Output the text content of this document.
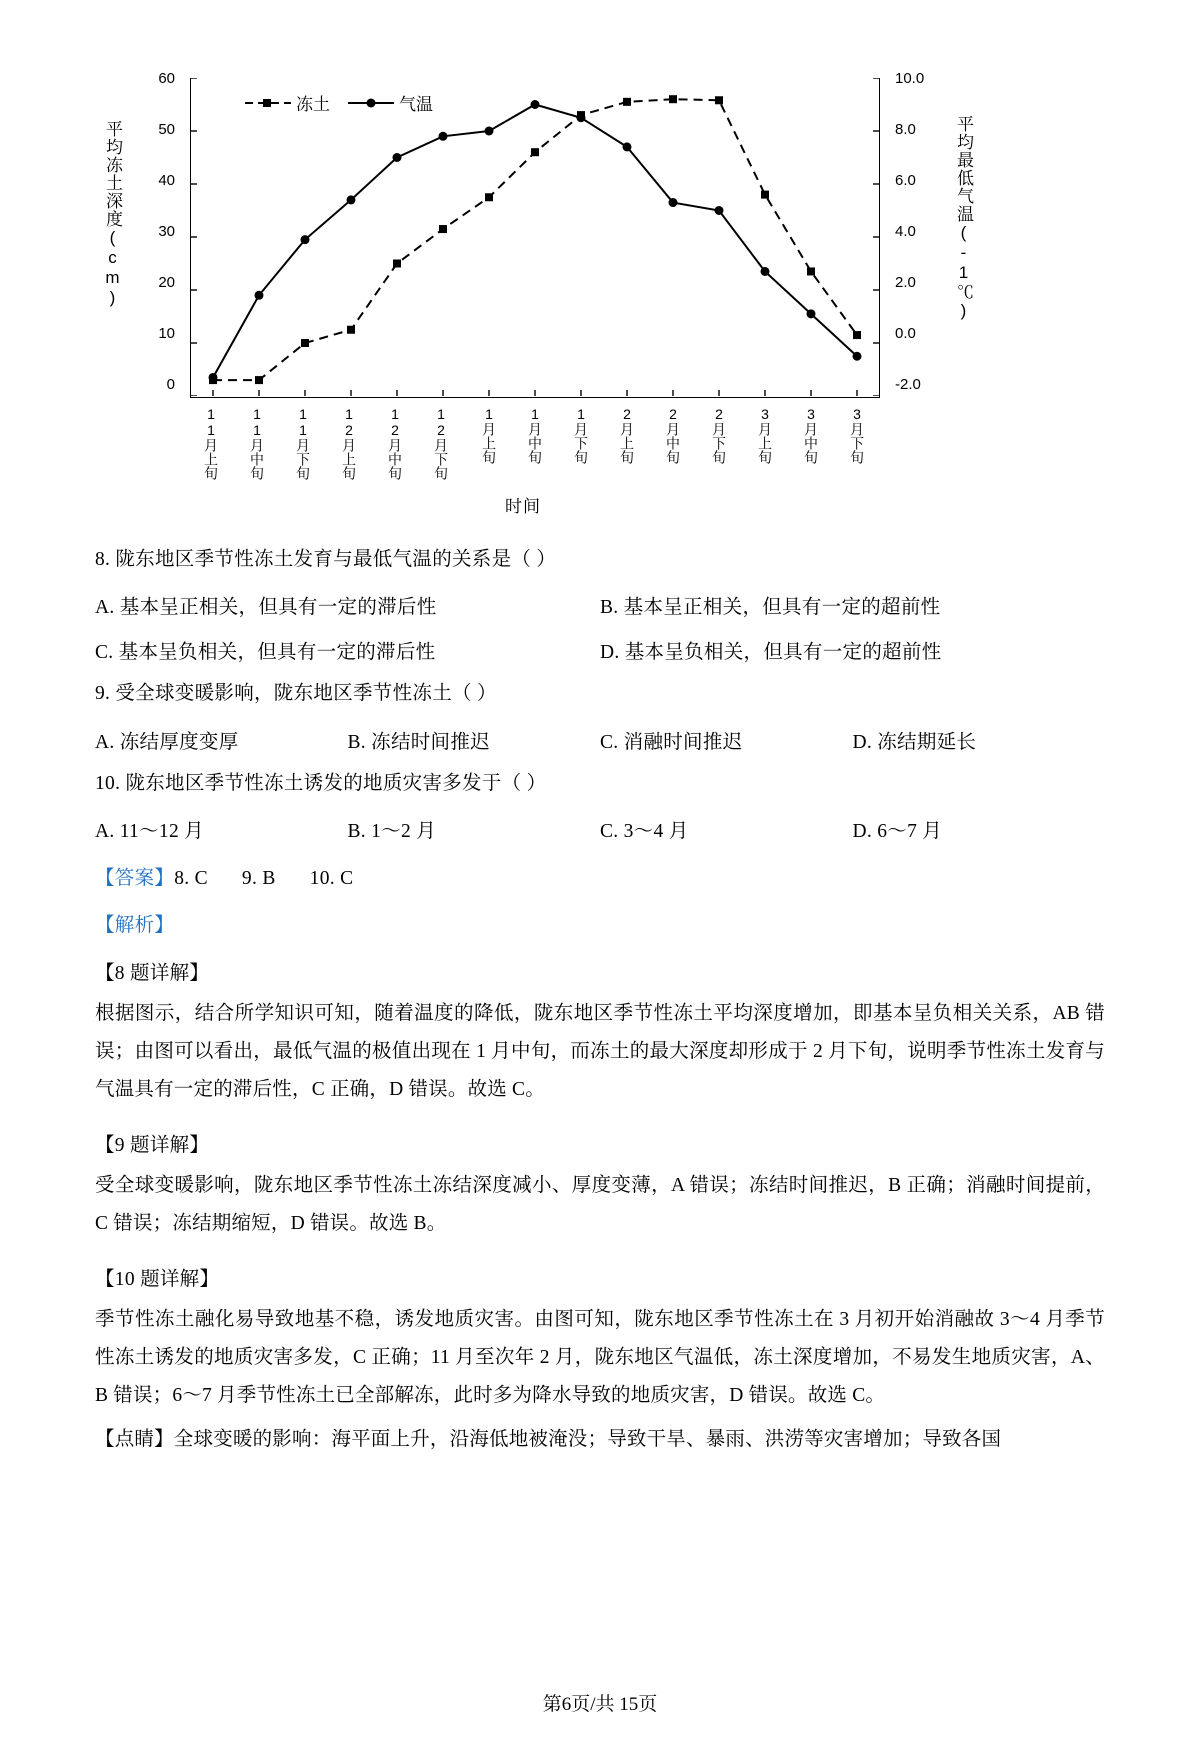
平均冻土深度(cm)	平均最低气温(-1℃)
60
50
40
30
20
10
0
10.0
8.0
6.0
4.0
2.0
0.0
-2.0
冻土	气温
11月上旬 11月中旬 11月下旬 12月上旬 12月中旬 12月下旬 1月上旬 1月中旬 1月下旬 2月上旬 2月中旬 2月下旬 3月上旬 3月中旬 3月下旬
时间
8. 陇东地区季节性冻土发育与最低气温的关系是（ ）
A. 基本呈正相关，但具有一定的滞后性	B. 基本呈正相关，但具有一定的超前性
C. 基本呈负相关，但具有一定的滞后性	D. 基本呈负相关，但具有一定的超前性
9. 受全球变暖影响，陇东地区季节性冻土（ ）
A. 冻结厚度变厚	B. 冻结时间推迟	C. 消融时间推迟	D. 冻结期延长
10. 陇东地区季节性冻土诱发的地质灾害多发于（ ）
A. 11～12 月	B. 1～2 月	C. 3～4 月	D. 6～7 月
【答案】8. C 9. B 10. C
【解析】
【8 题详解】
根据图示，结合所学知识可知，随着温度的降低，陇东地区季节性冻土平均深度增加，即基本呈负相关关系，AB 错误；由图可以看出，最低气温的极值出现在 1 月中旬，而冻土的最大深度却形成于 2 月下旬，说明季节性冻土发育与气温具有一定的滞后性，C 正确，D 错误。故选 C。
【9 题详解】
受全球变暖影响，陇东地区季节性冻土冻结深度减小、厚度变薄，A 错误；冻结时间推迟，B 正确；消融时间提前，C 错误；冻结期缩短，D 错误。故选 B。
【10 题详解】
季节性冻土融化易导致地基不稳，诱发地质灾害。由图可知，陇东地区季节性冻土在 3 月初开始消融故 3～4 月季节性冻土诱发的地质灾害多发，C 正确；11 月至次年 2 月，陇东地区气温低，冻土深度增加，不易发生地质灾害，A、B 错误；6～7 月季节性冻土已全部解冻，此时多为降水导致的地质灾害，D 错误。故选 C。
【点睛】全球变暖的影响：海平面上升，沿海低地被淹没；导致干旱、暴雨、洪涝等灾害增加；导致各国
第6页/共 15页
